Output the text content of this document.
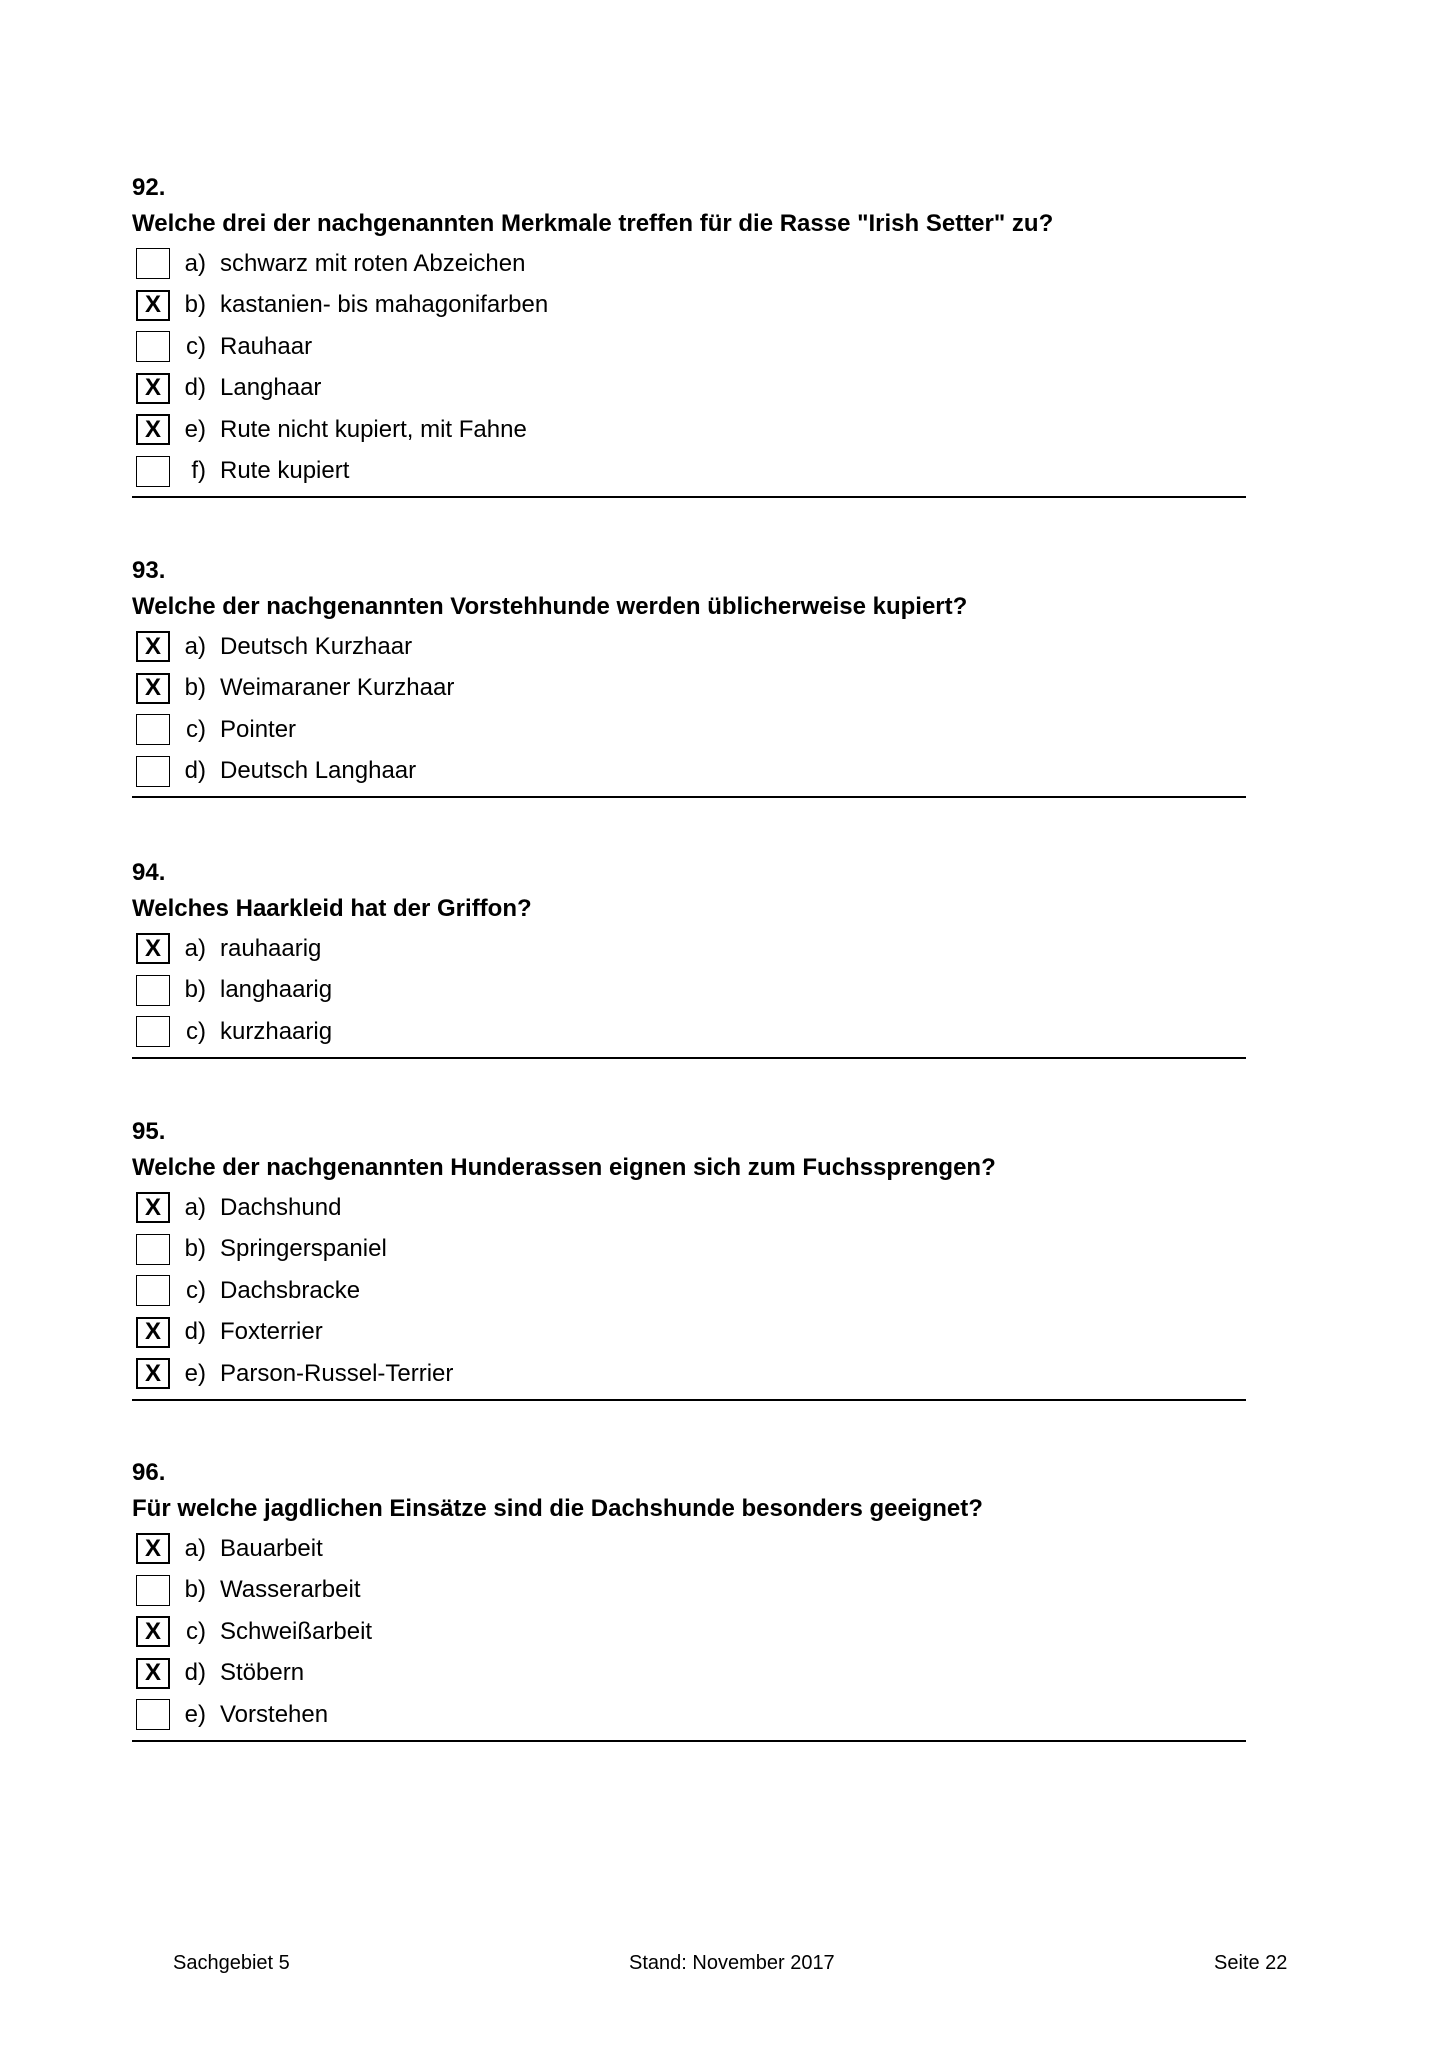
92.
Welche drei der nachgenannten Merkmale treffen für die Rasse "Irish Setter" zu?
a) schwarz mit roten Abzeichen
X b) kastanien- bis mahagonifarben
c) Rauhaar
X d) Langhaar
X e) Rute nicht kupiert, mit Fahne
f) Rute kupiert
93.
Welche der nachgenannten Vorstehhunde werden üblicherweise kupiert?
X a) Deutsch Kurzhaar
X b) Weimaraner Kurzhaar
c) Pointer
d) Deutsch Langhaar
94.
Welches Haarkleid hat der Griffon?
X a) rauhaarig
b) langhaarig
c) kurzhaarig
95.
Welche der nachgenannten Hunderassen eignen sich zum Fuchssprengen?
X a) Dachshund
b) Springerspaniel
c) Dachsbracke
X d) Foxterrier
X e) Parson-Russel-Terrier
96.
Für welche jagdlichen Einsätze sind die Dachshunde besonders geeignet?
X a) Bauarbeit
b) Wasserarbeit
X	c) Schweißarbeit
X d) Stöbern
e) Vorstehen
Sachgebiet 5	Stand: November 2017	Seite 22
